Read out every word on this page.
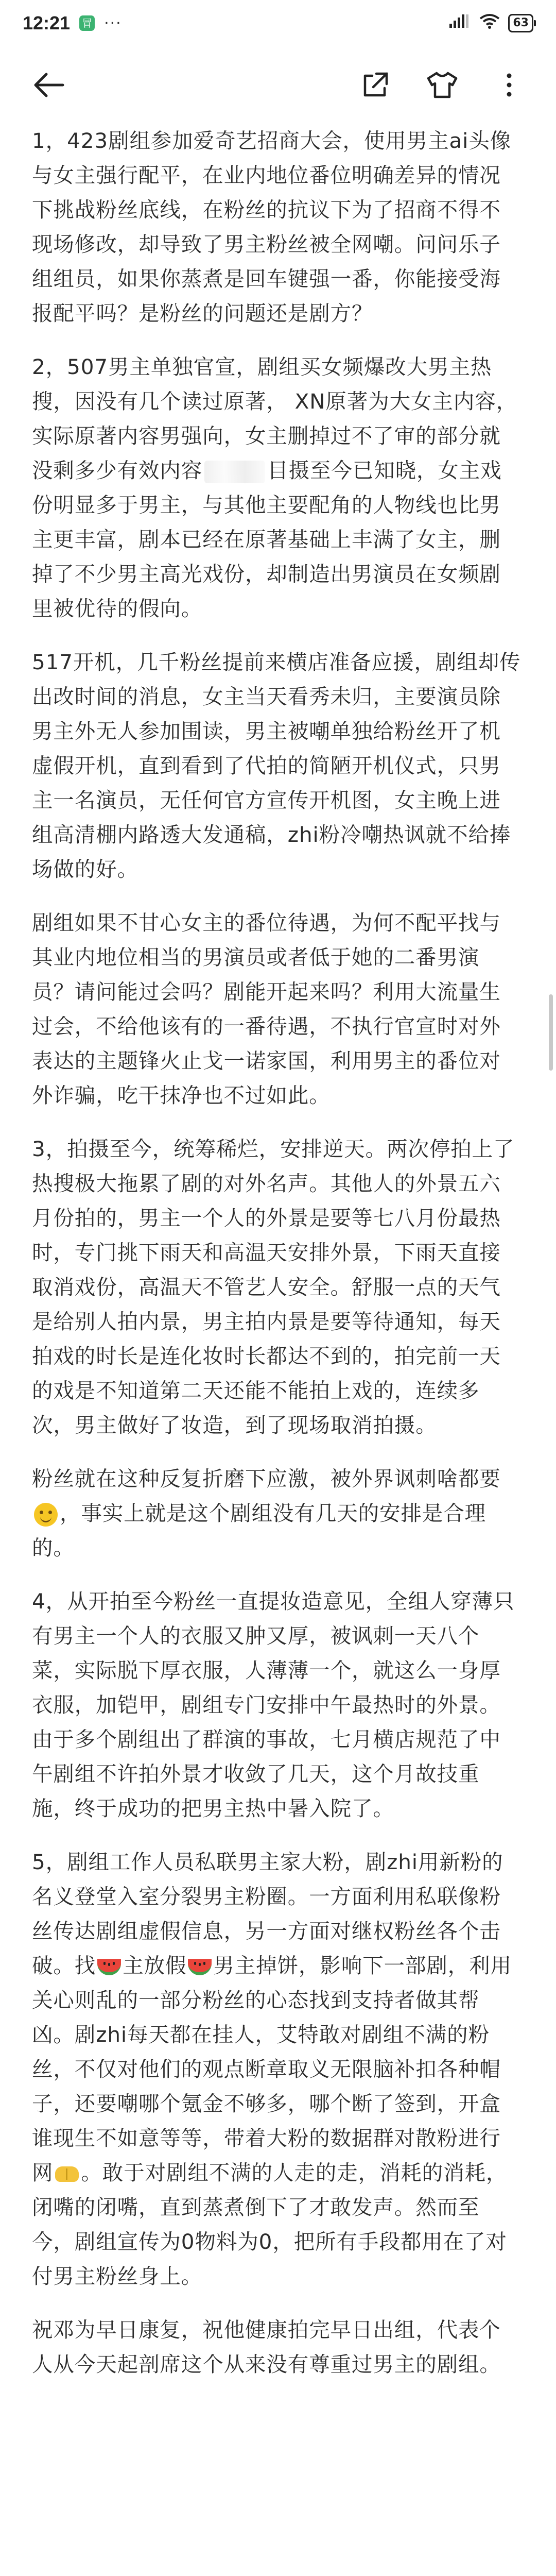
12:21 冒 ···	63

1，423剧组参加爱奇艺招商大会，使用男主ai头像与女主强行配平，在业内地位番位明确差异的情况下挑战粉丝底线，在粉丝的抗议下为了招商不得不现场修改，却导致了男主粉丝被全网嘲。问问乐子组组员，如果你蒸煮是回车键强一番，你能接受海报配平吗？是粉丝的问题还是剧方？

2，507男主单独官宣，剧组买女频爆改大男主热搜，因没有几个读过原著， XN原著为大女主内容，实际原著内容男强向，女主删掉过不了审的部分就没剩多少有效内容	目摄至今已知晓，女主戏份明显多于男主，与其他主要配角的人物线也比男主更丰富，剧本已经在原著基础上丰满了女主，删掉了不少男主高光戏份，却制造出男演员在女频剧里被优待的假向。

517开机，几千粉丝提前来横店准备应援，剧组却传出改时间的消息，女主当天看秀未归，主要演员除男主外无人参加围读，男主被嘲单独给粉丝开了机虚假开机，直到看到了代拍的简陋开机仪式，只男主一名演员，无任何官方宣传开机图，女主晚上进组高清棚内路透大发通稿，zhi粉冷嘲热讽就不给捧场做的好。

剧组如果不甘心女主的番位待遇，为何不配平找与其业内地位相当的男演员或者低于她的二番男演员？请问能过会吗？剧能开起来吗？利用大流量生过会，不给他该有的一番待遇，不执行官宣时对外表达的主题锋火止戈一诺家国，利用男主的番位对外诈骗，吃干抹净也不过如此。

3，拍摄至今，统筹稀烂，安排逆天。两次停拍上了热搜极大拖累了剧的对外名声。其他人的外景五六月份拍的，男主一个人的外景是要等七八月份最热时，专门挑下雨天和高温天安排外景，下雨天直接取消戏份，高温天不管艺人安全。舒服一点的天气是给别人拍内景，男主拍内景是要等待通知，每天拍戏的时长是连化妆时长都达不到的，拍完前一天的戏是不知道第二天还能不能拍上戏的，连续多次，男主做好了妆造，到了现场取消拍摄。

粉丝就在这种反复折磨下应激，被外界讽刺啥都要，事实上就是这个剧组没有几天的安排是合理的。

4，从开拍至今粉丝一直提妆造意见，全组人穿薄只有男主一个人的衣服又肿又厚，被讽刺一天八个菜，实际脱下厚衣服，人薄薄一个，就这么一身厚衣服，加铠甲，剧组专门安排中午最热时的外景。由于多个剧组出了群演的事故，七月横店规范了中午剧组不许拍外景才收敛了几天，这个月故技重施，终于成功的把男主热中暑入院了。

5，剧组工作人员私联男主家大粉，剧zhi用新粉的名义登堂入室分裂男主粉圈。一方面利用私联像粉丝传达剧组虚假信息，另一方面对继权粉丝各个击破。找 主放假 男主掉饼，影响下一部剧，利用关心则乱的一部分粉丝的心态找到支持者做其帮凶。剧zhi每天都在挂人，艾特敢对剧组不满的粉丝，不仅对他们的观点断章取义无限脑补扣各种帽子，还要嘲哪个氪金不够多，哪个断了签到，开盒谁现生不如意等等，带着大粉的数据群对散粉进行网 。敢于对剧组不满的人走的走，消耗的消耗，闭嘴的闭嘴，直到蒸煮倒下了才敢发声。然而至今，剧组宣传为0物料为0，把所有手段都用在了对付男主粉丝身上。

祝邓为早日康复，祝他健康拍完早日出组，代表个人从今天起剖席这个从来没有尊重过男主的剧组。
